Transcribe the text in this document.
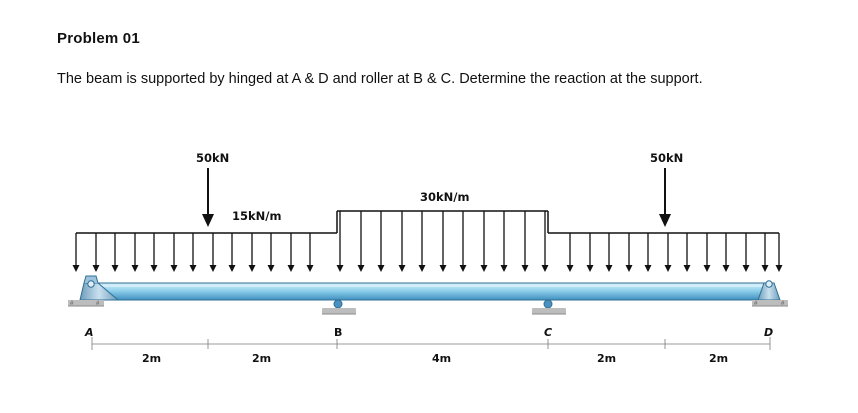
Problem 01
The beam is supported by hinged at A & D and roller at B & C. Determine the reaction at the support.
15kN/m
30kN/m
50kN	50kN
#	#	#	#
A	B	C	D
2m	2m	4m	2m	2m
